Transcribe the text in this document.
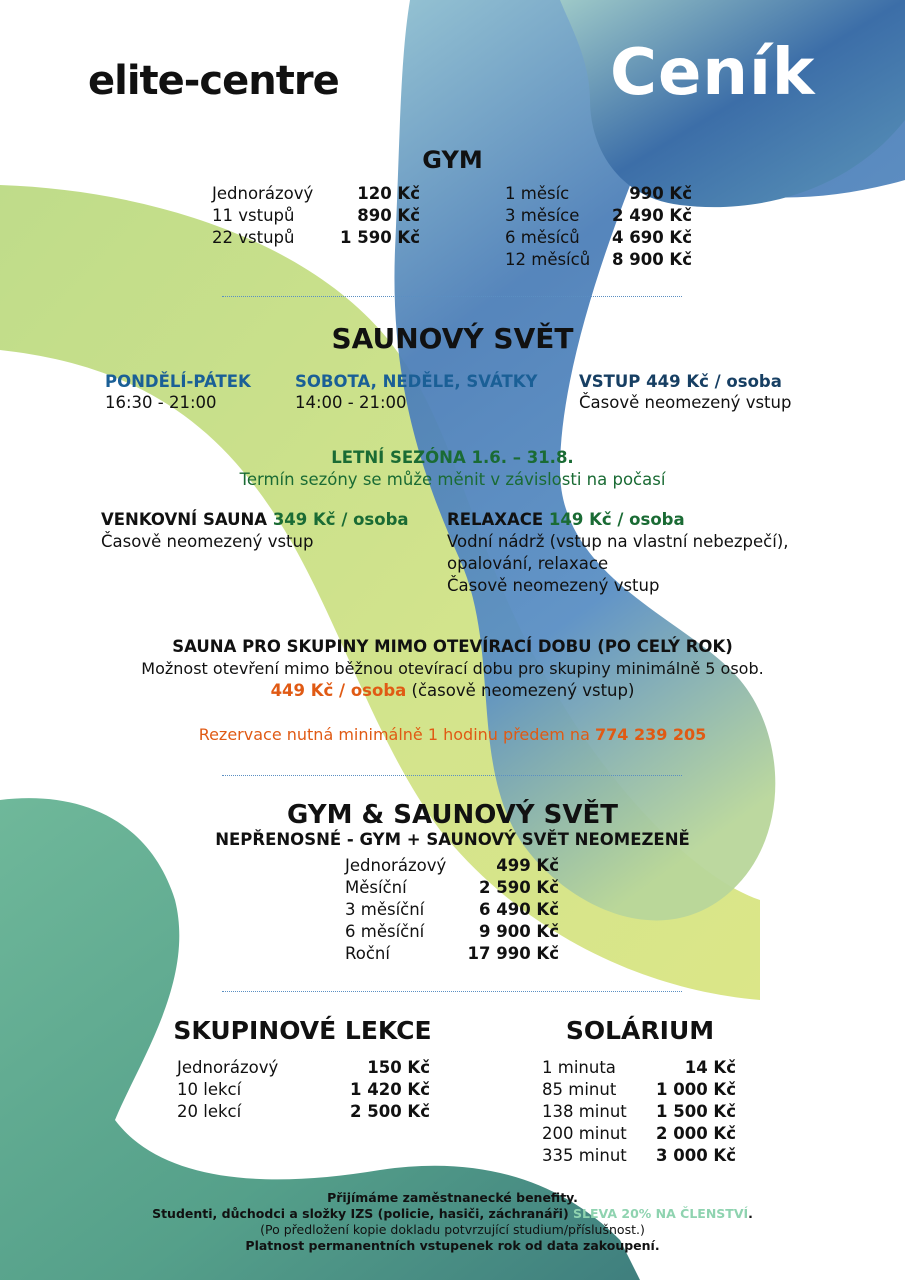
elite-centre	Ceník
GYM
Jednorázový	120 Kč
11 vstupů	890 Kč
22 vstupů	1 590 Kč
1 měsíc	990 Kč
3 měsíce	2 490 Kč
6 měsíců	4 690 Kč
12 měsíců	8 900 Kč
SAUNOVÝ SVĚT
PONDĚLÍ-PÁTEK
16:30 - 21:00
SOBOTA, NEDĚLE, SVÁTKY
14:00 - 21:00
VSTUP 449 Kč / osoba
Časově neomezený vstup
LETNÍ SEZÓNA 1.6. – 31.8.
Termín sezóny se může měnit v závislosti na počasí
VENKOVNÍ SAUNA 349 Kč / osoba
Časově neomezený vstup
RELAXACE 149 Kč / osoba
Vodní nádrž (vstup na vlastní nebezpečí),
opalování, relaxace
Časově neomezený vstup
SAUNA PRO SKUPINY MIMO OTEVÍRACÍ DOBU (PO CELÝ ROK)
Možnost otevření mimo běžnou otevírací dobu pro skupiny minimálně 5 osob.
449 Kč / osoba (časově neomezený vstup)
Rezervace nutná minimálně 1 hodinu předem na 774 239 205
GYM & SAUNOVÝ SVĚT
NEPŘENOSNÉ - GYM + SAUNOVÝ SVĚT NEOMEZENĚ
Jednorázový	499 Kč
Měsíční	2 590 Kč
3 měsíční	6 490 Kč
6 měsíční	9 900 Kč
Roční	17 990 Kč
SKUPINOVÉ LEKCE
Jednorázový	150 Kč
10 lekcí	1 420 Kč
20 lekcí	2 500 Kč
SOLÁRIUM
1 minuta	14 Kč
85 minut	1 000 Kč
138 minut	1 500 Kč
200 minut	2 000 Kč
335 minut	3 000 Kč
Přijímáme zaměstnanecké benefity.
Studenti, důchodci a složky IZS (policie, hasiči, záchranáři) SLEVA 20% NA ČLENSTVÍ.
(Po předložení kopie dokladu potvrzující studium/příslušnost.)
Platnost permanentních vstupenek rok od data zakoupení.
